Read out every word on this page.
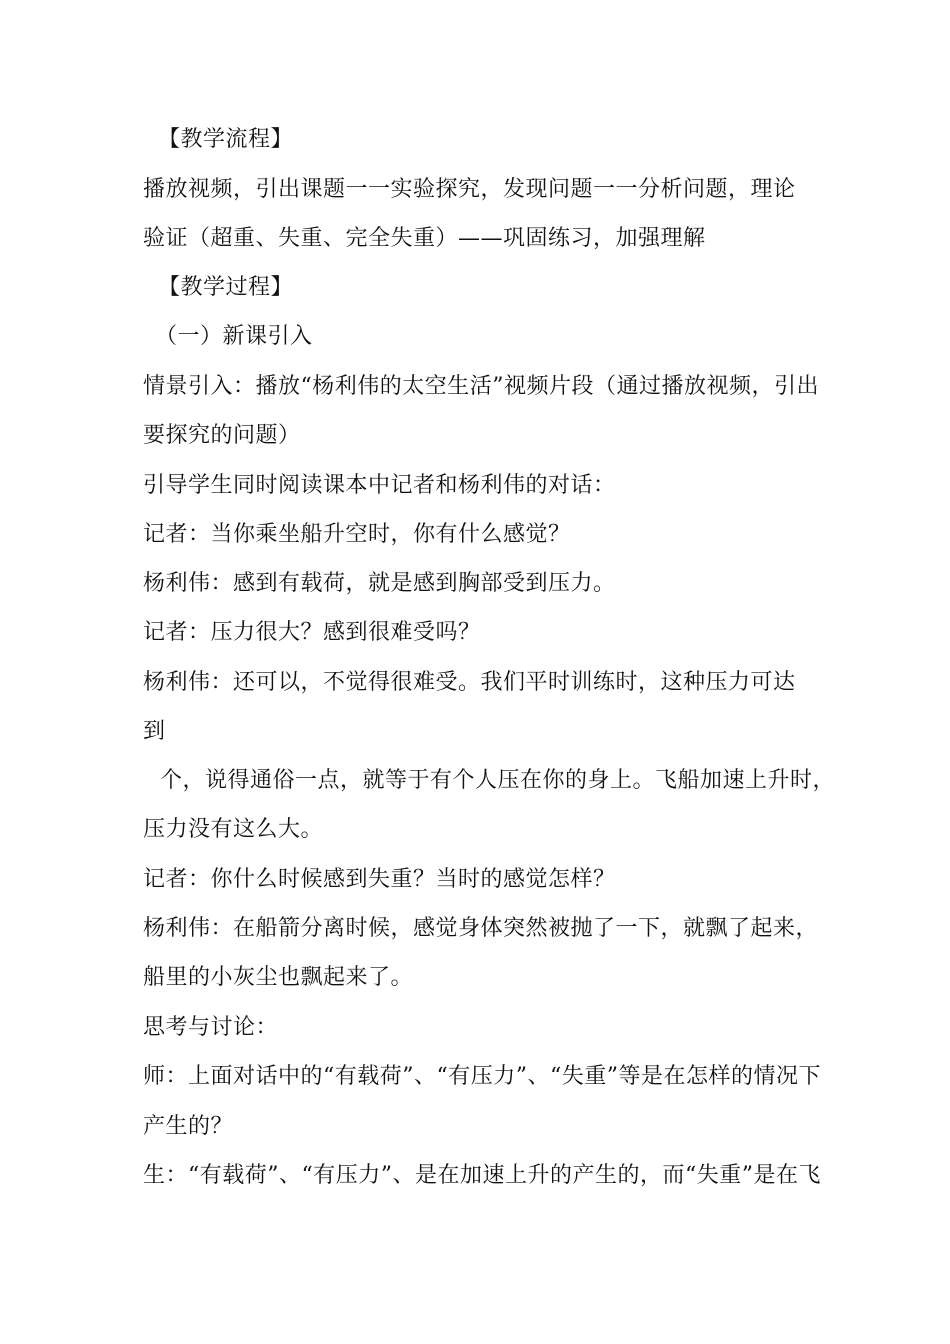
【教学流程】
播放视频，引出课题一一实验探究，发现问题一一分析问题，理论
验证（超重、失重、完全失重）——巩固练习，加强理解
【教学过程】
（一）新课引入
情景引入：播放“杨利伟的太空生活”视频片段（通过播放视频，引出
要探究的问题）
引导学生同时阅读课本中记者和杨利伟的对话：
记者：当你乘坐船升空时，你有什么感觉？
杨利伟：感到有载荷，就是感到胸部受到压力。
记者：压力很大？感到很难受吗？
杨利伟：还可以，不觉得很难受。我们平时训练时，这种压力可达
到
个，说得通俗一点，就等于有个人压在你的身上。飞船加速上升时，
压力没有这么大。
记者：你什么时候感到失重？当时的感觉怎样？
杨利伟：在船箭分离时候，感觉身体突然被抛了一下，就飘了起来，
船里的小灰尘也飘起来了。
思考与讨论：
师：上面对话中的“有载荷”、“有压力”、“失重”等是在怎样的情况下
产生的？
生：“有载荷”、“有压力”、是在加速上升的产生的，而“失重”是在飞
